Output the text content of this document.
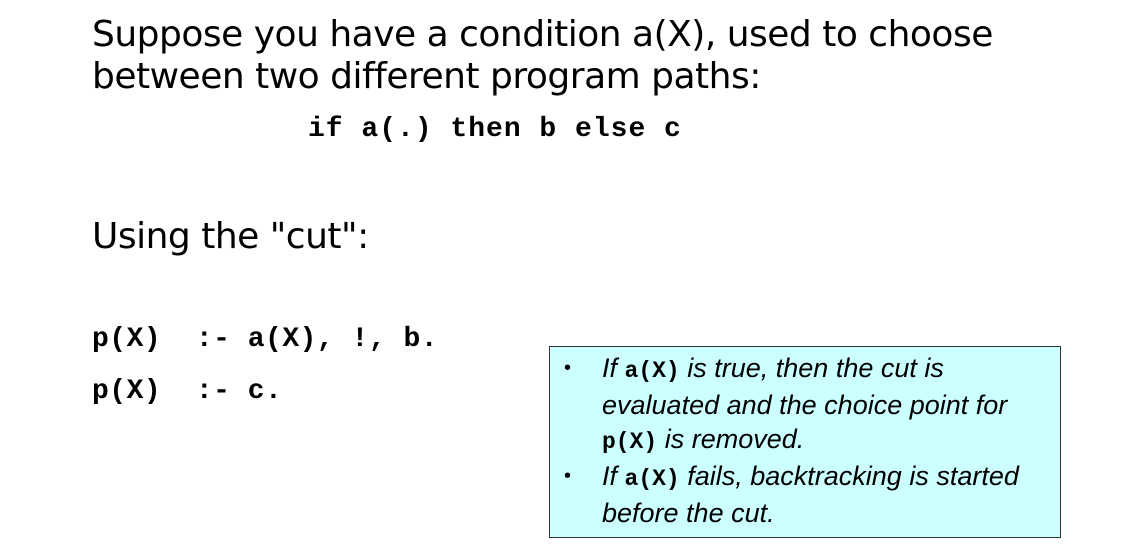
Suppose you have a condition a(X), used to choose
between two different program paths:
if a(.) then b else c
Using the "cut":
p(X)  :- a(X), !, b.
p(X)  :- c.
• If a(X) is true, then the cut is evaluated and the choice point for p(X) is removed.
• If a(X) fails, backtracking is started before the cut.
